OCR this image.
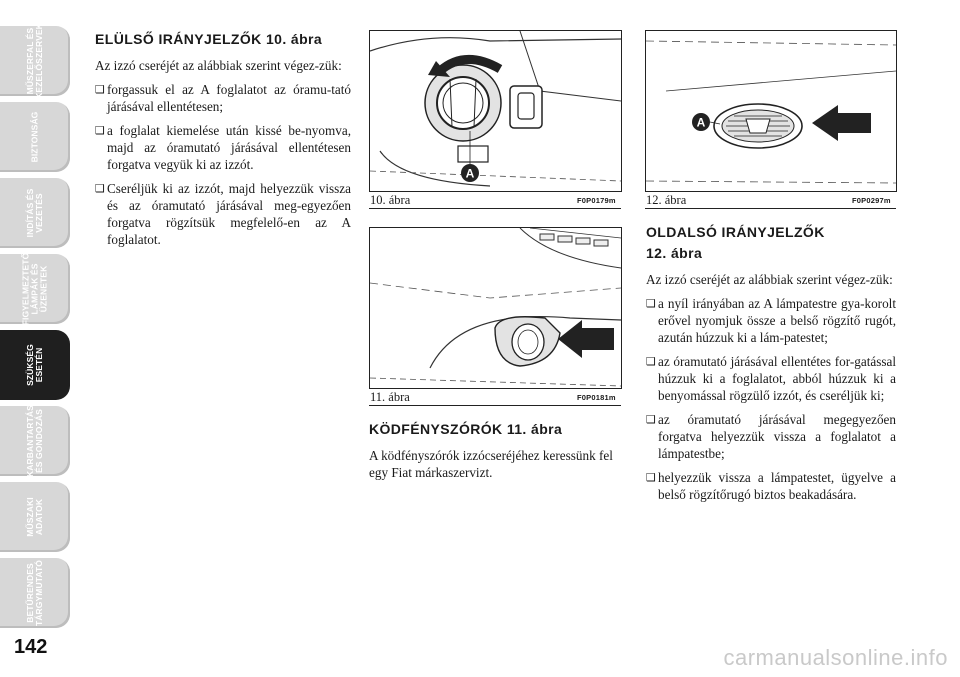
MŰSZERFAL ÉS
KEZELŐSZERVEK
BIZTONSÁG
INDÍTÁS ÉS
VEZETÉS
FIGYELMEZTETŐ
LÁMPÁK ÉS
ÜZENETEK
SZÜKSÉG
ESETÉN
KARBANTARTÁS
ÉS GONDOZÁS
MŰSZAKI
ADATOK
BETŰRENDES
TÁRGYMUTATÓ
142
ELÜLSŐ IRÁNYJELZŐK 10. ábra

Az izzó cseréjét az alábbiak szerint végez-zük:

❑ forgassuk el az A foglalatot az óramu-tató járásával ellentétesen;
❑ a foglalat kiemelése után kissé be-nyomva, majd az óramutató járásával ellentétesen forgatva vegyük ki az izzót.
❑ Cseréljük ki az izzót, majd helyezzük vissza és az óramutató járásával meg-egyezően forgatva rögzítsük megfelelő-en az A foglalatot.
A
10. ábra	F0P0179m
11. ábra	F0P0181m
KÖDFÉNYSZÓRÓK 11. ábra

A ködfényszórók izzócseréjéhez keressünk fel egy Fiat márkaszervizt.

A
12. ábra	F0P0297m
OLDALSÓ IRÁNYJELZŐK
12. ábra

Az izzó cseréjét az alábbiak szerint végez-zük:

❑ a nyíl irányában az A lámpatestre gya-korolt erővel nyomjuk össze a belső rögzítő rugót, azután húzzuk ki a lám-patestet;
❑ az óramutató járásával ellentétes for-gatással húzzuk ki a foglalatot, abból húzzuk ki a benyomással rögzülő izzót, és cseréljük ki;
❑ az óramutató járásával megegyezően forgatva helyezzük vissza a foglalatot a lámpatestbe;
❑ helyezzük vissza a lámpatestet, ügyelve a belső rögzítőrugó biztos beakadására.
carmanualsonline.info
